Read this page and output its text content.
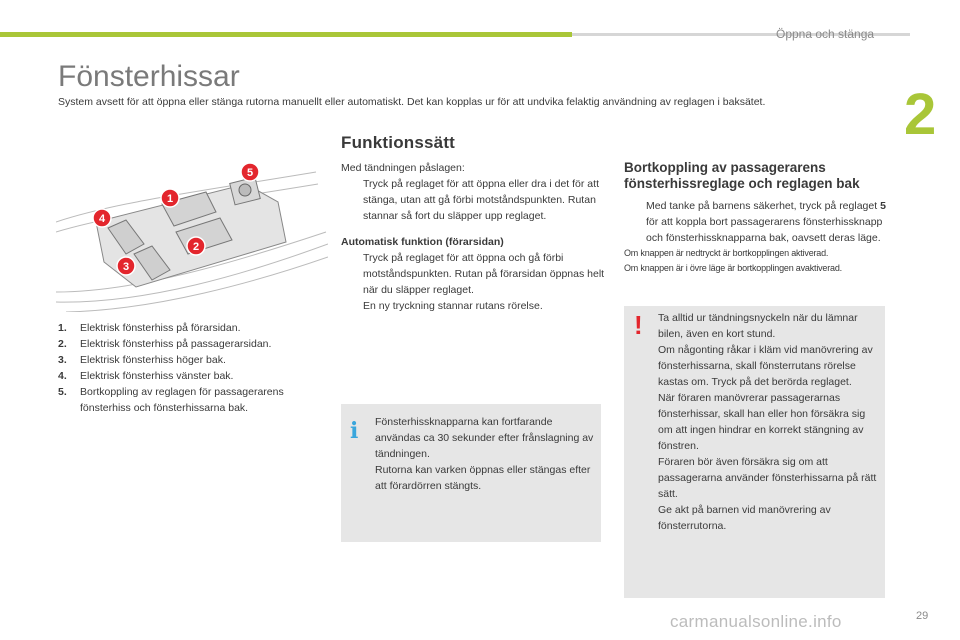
Öppna och stänga
2
Fönsterhissar

System avsett för att öppna eller stänga rutorna manuellt eller automatiskt. Det kan kopplas ur för att undvika felaktig användning av reglagen i baksätet.

1
2
3
4
5
1.	Elektrisk fönsterhiss på förarsidan.
2.	Elektrisk fönsterhiss på passagerarsidan.
3.	Elektrisk fönsterhiss höger bak.
4.	Elektrisk fönsterhiss vänster bak.
5.	Bortkoppling av reglagen för passagerarens fönsterhiss och fönsterhissarna bak.
Funktionssätt

Med tändningen påslagen:

Tryck på reglaget för att öppna eller dra i det för att stänga, utan att gå förbi motståndspunkten. Rutan stannar så fort du släpper upp reglaget.

Automatisk funktion (förarsidan)

Tryck på reglaget för att öppna och gå förbi motståndspunkten. Rutan på förarsidan öppnas helt när du släpper reglaget.
En ny tryckning stannar rutans rörelse.
i Fönsterhissknapparna kan fortfarande användas ca 30 sekunder efter frånslagning av tändningen.
Rutorna kan varken öppnas eller stängas efter att förardörren stängts.

Bortkoppling av passagerarens fönsterhissreglage och reglagen bak
Med tanke på barnens säkerhet, tryck på reglaget 5 för att koppla bort passagerarens fönsterhissknapp och fönsterhissknapparna bak, oavsett deras läge.

Om knappen är nedtryckt är bortkopplingen aktiverad.

Om knappen är i övre läge är bortkopplingen avaktiverad.

! Ta alltid ur tändningsnyckeln när du lämnar bilen, även en kort stund.
Om någonting råkar i kläm vid manövrering av fönsterhissarna, skall fönsterrutans rörelse kastas om. Tryck på det berörda reglaget.
När föraren manövrerar passagerarnas fönsterhissar, skall han eller hon försäkra sig om att ingen hindrar en korrekt stängning av fönstren.
Föraren bör även försäkra sig om att passagerarna använder fönsterhissarna på rätt sätt.
Ge akt på barnen vid manövrering av fönsterrutorna.

carmanualsonline.info	29
